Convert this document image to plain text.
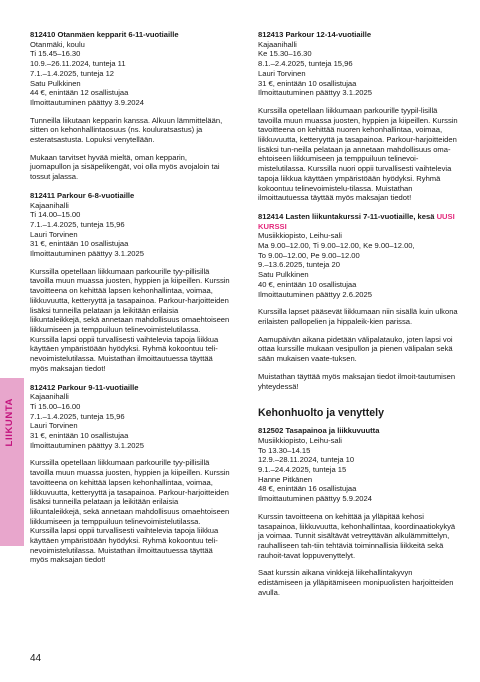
LIIKUNTA
812410 Otanmäen kepparit 6-11-vuotiaille
Otanmäki, koulu
Ti 15.45–16.30
10.9.–26.11.2024, tunteja 11
7.1.–1.4.2025, tunteja 12
Satu Pulkkinen
44 €, enintään 12 osallistujaa
Ilmoittautuminen päättyy 3.9.2024

Tunneilla liikutaan kepparin kanssa. Alkuun lämmittelään, sitten on kehonhallintaosuus (ns. kouluratsastus) ja esteratsastusta. Lopuksi venytellään.

Mukaan tarvitset hyvää mieltä, oman kepparin, juomapullon ja sisäpelikengät, voi olla myös avojaloin tai tossut jalassa.

812411 Parkour 6-8-vuotiaille
Kajaanihalli
Ti 14.00–15.00
7.1.–1.4.2025, tunteja 15,96
Lauri Torvinen
31 €, enintään 10 osallistujaa
Ilmoittautuminen päättyy 3.1.2025

Kurssilla opetellaan liikkumaan parkourille tyy-pillisillä tavoilla muun muassa juosten, hyppien ja kiipeillen. Kurssin tavoitteena on kehittää lapsen kehonhallintaa, voimaa, liikkuvuutta, ketteryyttä ja tasapainoa. Parkour-harjoitteiden lisäksi tunneilla pelataan ja leikitään erilaisia liikuntaleikkejä, sekä annetaan mahdollisuus omaehtoiseen liikkumiseen ja temppuiluun telinevoimistelutilassa. Kurssilla lapsi oppii turvallisesti vaihtelevia tapoja liikkua käyttäen ympäristöään hyödyksi. Ryhmä kokoontuu teli-nevoimistelutilassa. Muistathan ilmoittautuessa täyttää myös maksajan tiedot!

812412 Parkour 9-11-vuotiaille
Kajaanihalli
Ti 15.00–16.00
7.1.–1.4.2025, tunteja 15,96
Lauri Torvinen
31 €, enintään 10 osallistujaa
Ilmoittautuminen päättyy 3.1.2025

Kurssilla opetellaan liikkumaan parkourille tyy-pillisillä tavoilla muun muassa juosten, hyppien ja kiipeillen. Kurssin tavoitteena on kehittää lapsen kehonhallintaa, voimaa, liikkuvuutta, ketteryyttä ja tasapainoa. Parkour-harjoitteiden lisäksi tunneilla pelataan ja leikitään erilaisia liikuntaleikkejä, sekä annetaan mahdollisuus omaehtoiseen liikkumiseen ja temppuiluun telinevoimistelutilassa. Kurssilla lapsi oppii turvallisesti vaihtelevia tapoja liikkua käyttäen ympäristöään hyödyksi. Ryhmä kokoontuu teli-nevoimistelutilassa. Muistathan ilmoittautuessa täyttää myös maksajan tiedot!

812413 Parkour 12-14-vuotiaille
Kajaanihalli
Ke 15.30–16.30
8.1.–2.4.2025, tunteja 15,96
Lauri Torvinen
31 €, enintään 10 osallistujaa
Ilmoittautuminen päättyy 3.1.2025

Kurssilla opetellaan liikkumaan parkourille tyypil-lisillä tavoilla muun muassa juosten, hyppien ja kiipeillen. Kurssin tavoitteena on kehittää nuoren kehonhallintaa, voimaa, liikkuvuutta, ketteryyttä ja tasapainoa. Parkour-harjoitteiden lisäksi tun-neilla pelataan ja annetaan mahdollisuus oma-ehtoiseen liikkumiseen ja temppuiluun telinevoi-mistelutilassa. Kurssilla nuori oppii turvallisesti vaihtelevia tapoja liikkua käyttäen ympäristöään hyödyksi. Ryhmä kokoontuu telinevoimistelu-tilassa. Muistathan ilmoittautuessa täyttää myös maksajan tiedot!

812414 Lasten liikuntakurssi 7-11-vuotiaille, kesä UUSI KURSSI
Musiikkiopisto, Leihu-sali
Ma 9.00–12.00, Ti 9.00–12.00, Ke 9.00–12.00,
To 9.00–12.00, Pe 9.00–12.00
9.–13.6.2025, tunteja 20
Satu Pulkkinen
40 €, enintään 10 osallistujaa
Ilmoittautuminen päättyy 2.6.2025

Kurssilla lapset pääsevät liikkumaan niin sisällä kuin ulkona erilaisten pallopelien ja hippaleik-kien parissa.

Aamupäivän aikana pidetään välipalatauko, joten lapsi voi ottaa kurssille mukaan vesipullon ja pienen välipalan sekä sään mukaisen vaate-tuksen.

Muistathan täyttää myös maksajan tiedot ilmoit-tautumisen yhteydessä!

Kehonhuolto ja venyttely
812502 Tasapainoa ja liikkuvuutta
Musiikkiopisto, Leihu-sali
To 13.30–14.15
12.9.–28.11.2024, tunteja 10
9.1.–24.4.2025, tunteja 15
Hanne Pitkänen
48 €, enintään 16 osallistujaa
Ilmoittautuminen päättyy 5.9.2024

Kurssin tavoitteena on kehittää ja ylläpitää kehosi tasapainoa, liikkuvuutta, kehonhallintaa, koordinaatiokykyä ja voimaa. Tunnit sisältävät vetreyttävän alkulämmittelyn, rauhalliseen tah-tiin tehtäviä toiminnallisia liikkeitä sekä rauhoit-tavat loppuvenyttelyt.

Saat kurssin aikana vinkkejä liikehallintakyvyn edistämiseen ja ylläpitämiseen monipuolisten harjoitteiden avulla.

44
